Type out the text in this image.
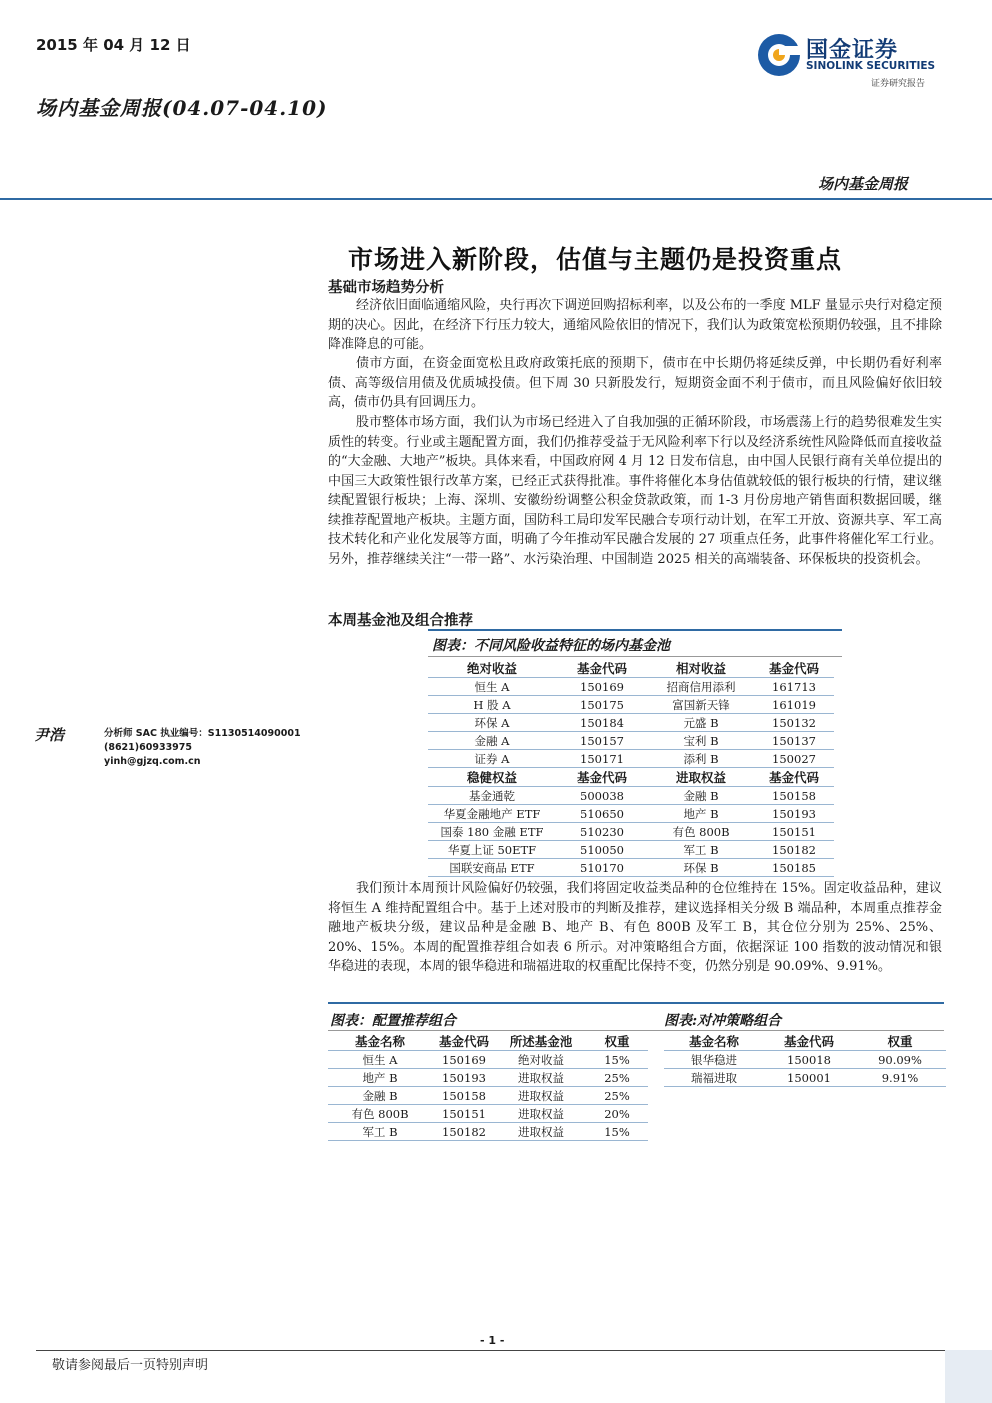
2015 年 04 月 12 日
场内基金周报(04.07-04.10)
国金证券
SINOLINK SECURITIES
证券研究报告
场内基金周报
市场进入新阶段，估值与主题仍是投资重点
基础市场趋势分析
经济依旧面临通缩风险，央行再次下调逆回购招标利率，以及公布的一季度 MLF 量显示央行对稳定预期的决心。因此，在经济下行压力较大，通缩风险依旧的情况下，我们认为政策宽松预期仍较强，且不排除降准降息的可能。
债市方面，在资金面宽松且政府政策托底的预期下，债市在中长期仍将延续反弹，中长期仍看好利率债、高等级信用债及优质城投债。但下周 30 只新股发行，短期资金面不利于债市，而且风险偏好依旧较高，债市仍具有回调压力。
股市整体市场方面，我们认为市场已经进入了自我加强的正循环阶段，市场震荡上行的趋势很难发生实质性的转变。行业或主题配置方面，我们仍推荐受益于无风险利率下行以及经济系统性风险降低而直接收益的“大金融、大地产”板块。具体来看，中国政府网 4 月 12 日发布信息，由中国人民银行商有关单位提出的中国三大政策性银行改革方案，已经正式获得批准。事件将催化本身估值就较低的银行板块的行情，建议继续配置银行板块；上海、深圳、安徽纷纷调整公积金贷款政策，而 1-3 月份房地产销售面积数据回暖，继续推荐配置地产板块。主题方面，国防科工局印发军民融合专项行动计划，在军工开放、资源共享、军工高技术转化和产业化发展等方面，明确了今年推动军民融合发展的 27 项重点任务，此事件将催化军工行业。另外，推荐继续关注“一带一路”、水污染治理、中国制造 2025 相关的高端装备、环保板块的投资机会。
本周基金池及组合推荐
图表：不同风险收益特征的场内基金池
绝对收益	基金代码	相对收益	基金代码
恒生 A	150169	招商信用添利	161713
H 股 A	150175	富国新天锋	161019
环保 A	150184	元盛 B	150132
金融 A	150157	宝利 B	150137
证券 A	150171	添利 B	150027
稳健权益	基金代码	进取权益	基金代码
基金通乾	500038	金融 B	150158
华夏金融地产 ETF	510650	地产 B	150193
国泰 180 金融 ETF	510230	有色 800B	150151
华夏上证 50ETF	510050	军工 B	150182
国联安商品 ETF	510170	环保 B	150185
我们预计本周预计风险偏好仍较强，我们将固定收益类品种的仓位维持在 15%。固定收益品种，建议将恒生 A 维持配置组合中。基于上述对股市的判断及推荐，建议选择相关分级 B 端品种，本周重点推荐金融地产板块分级，建议品种是金融 B、地产 B、有色 800B 及军工 B，其仓位分别为 25%、25%、20%、15%。本周的配置推荐组合如表 6 所示。对冲策略组合方面，依据深证 100 指数的波动情况和银华稳进的表现，本周的银华稳进和瑞福进取的权重配比保持不变，仍然分别是 90.09%、9.91%。
图表：配置推荐组合	图表:对冲策略组合
基金名称	基金代码	所述基金池	权重
恒生 A	150169	绝对收益	15%
地产 B	150193	进取权益	25%
金融 B	150158	进取权益	25%
有色 800B	150151	进取权益	20%
军工 B	150182	进取权益	15%
基金名称	基金代码	权重
银华稳进	150018	90.09%
瑞福进取	150001	9.91%
尹浩	分析师 SAC 执业编号：S1130514090001
(8621)60933975
yinh@gjzq.com.cn
- 1 -
敬请参阅最后一页特别声明
